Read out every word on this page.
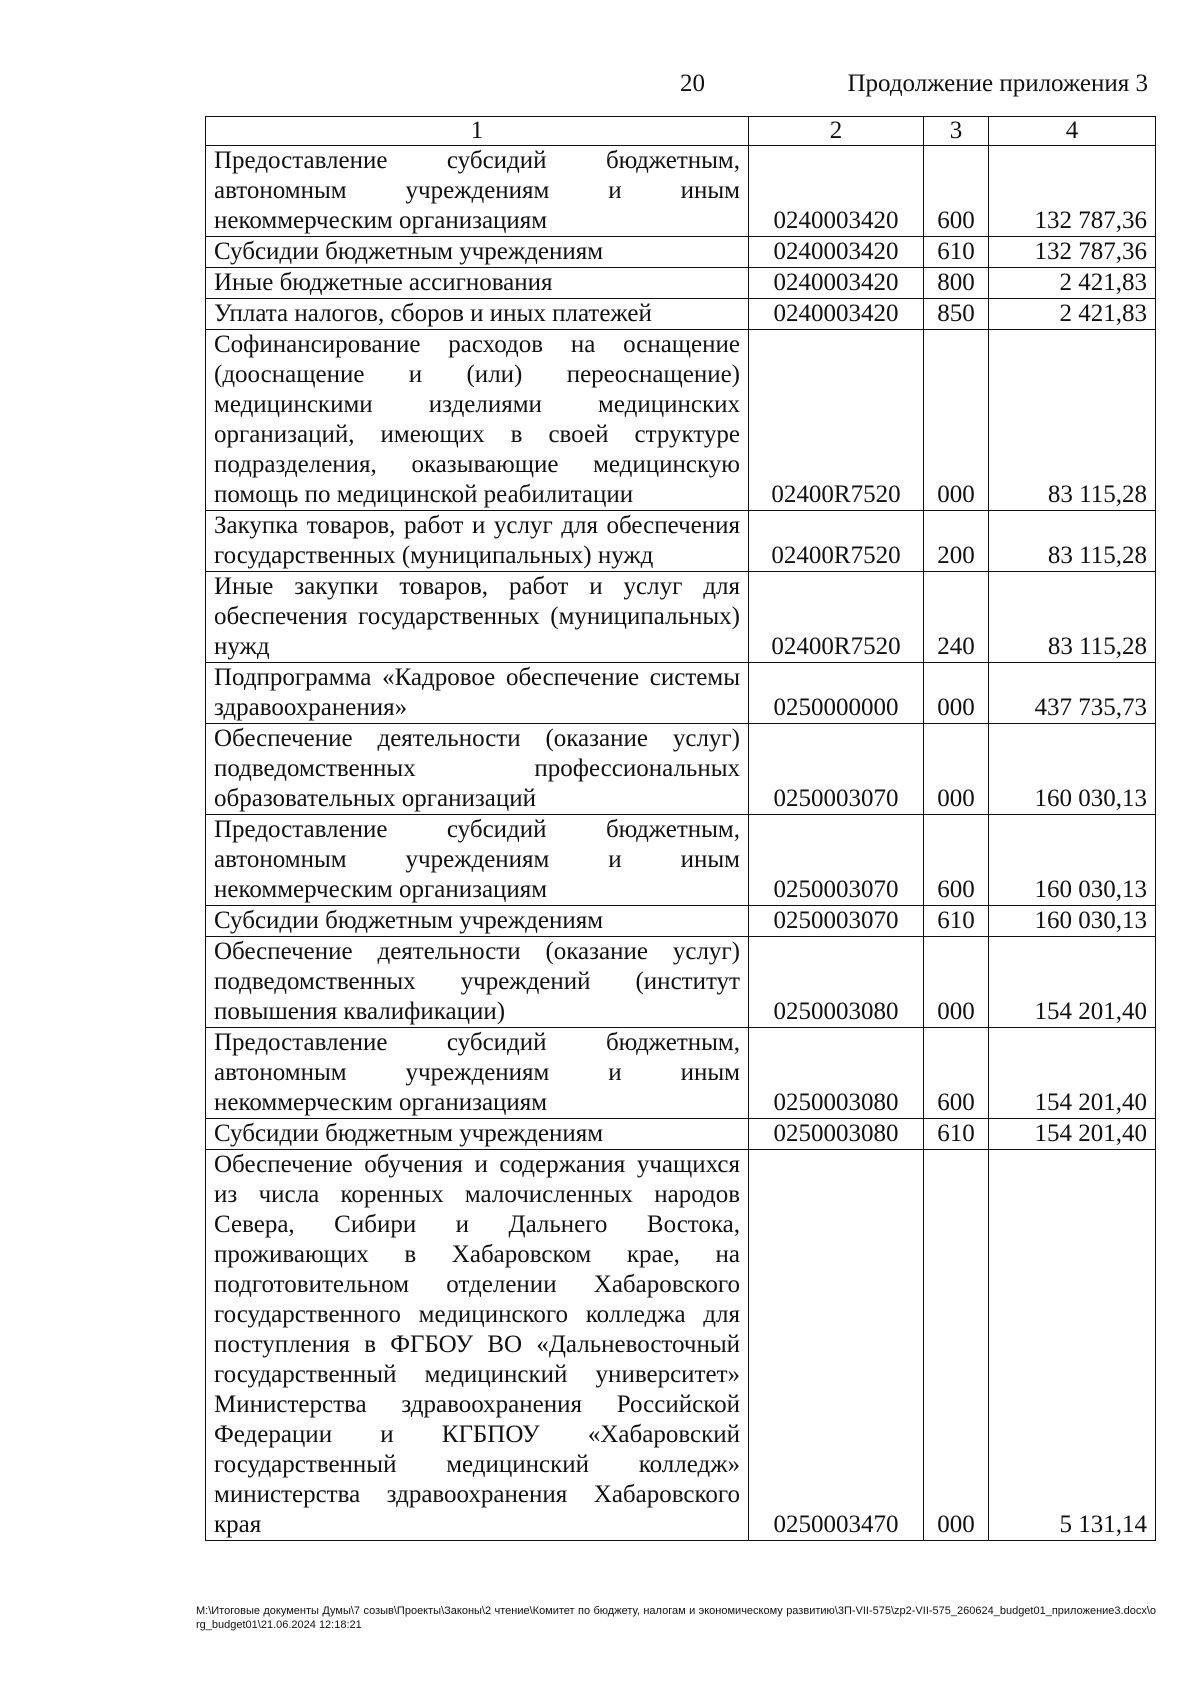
20	Продолжение приложения 3
1	2	3	4
Предоставление субсидий бюджетным, автономным учреждениям и иным некоммерческим организациям	0240003420	600	132 787,36
Субсидии бюджетным учреждениям	0240003420	610	132 787,36
Иные бюджетные ассигнования	0240003420	800	2 421,83
Уплата налогов, сборов и иных платежей	0240003420	850	2 421,83
Софинансирование расходов на оснащение (дооснащение и (или) переоснащение) медицинскими изделиями медицинских организаций, имеющих в своей структуре подразделения, оказывающие медицинскую помощь по медицинской реабилитации	02400R7520	000	83 115,28
Закупка товаров, работ и услуг для обеспечения государственных (муниципальных) нужд	02400R7520	200	83 115,28
Иные закупки товаров, работ и услуг для обеспечения государственных (муниципальных) нужд	02400R7520	240	83 115,28
Подпрограмма «Кадровое обеспечение системы здравоохранения»	0250000000	000	437 735,73
Обеспечение деятельности (оказание услуг) подведомственных профессиональных образовательных организаций	0250003070	000	160 030,13
Предоставление субсидий бюджетным, автономным учреждениям и иным некоммерческим организациям	0250003070	600	160 030,13
Субсидии бюджетным учреждениям	0250003070	610	160 030,13
Обеспечение деятельности (оказание услуг) подведомственных учреждений (институт повышения квалификации)	0250003080	000	154 201,40
Предоставление субсидий бюджетным, автономным учреждениям и иным некоммерческим организациям	0250003080	600	154 201,40
Субсидии бюджетным учреждениям	0250003080	610	154 201,40
Обеспечение обучения и содержания учащихся из числа коренных малочисленных народов Севера, Сибири и Дальнего Востока, проживающих в Хабаровском крае, на подготовительном отделении Хабаровского государственного медицинского колледжа для поступления в ФГБОУ ВО «Дальневосточный государственный медицинский университет» Министерства здравоохранения Российской Федерации и КГБПОУ «Хабаровский государственный медицинский колледж» министерства здравоохранения Хабаровского края	0250003470	000	5 131,14
M:\Итоговые документы Думы\7 созыв\Проекты\Законы\2 чтение\Комитет по бюджету, налогам и экономическому развитию\3П-VII-575\zp2-VII-575_260624_budget01_приложение3.docx\org_budget01\21.06.2024 12:18:21
